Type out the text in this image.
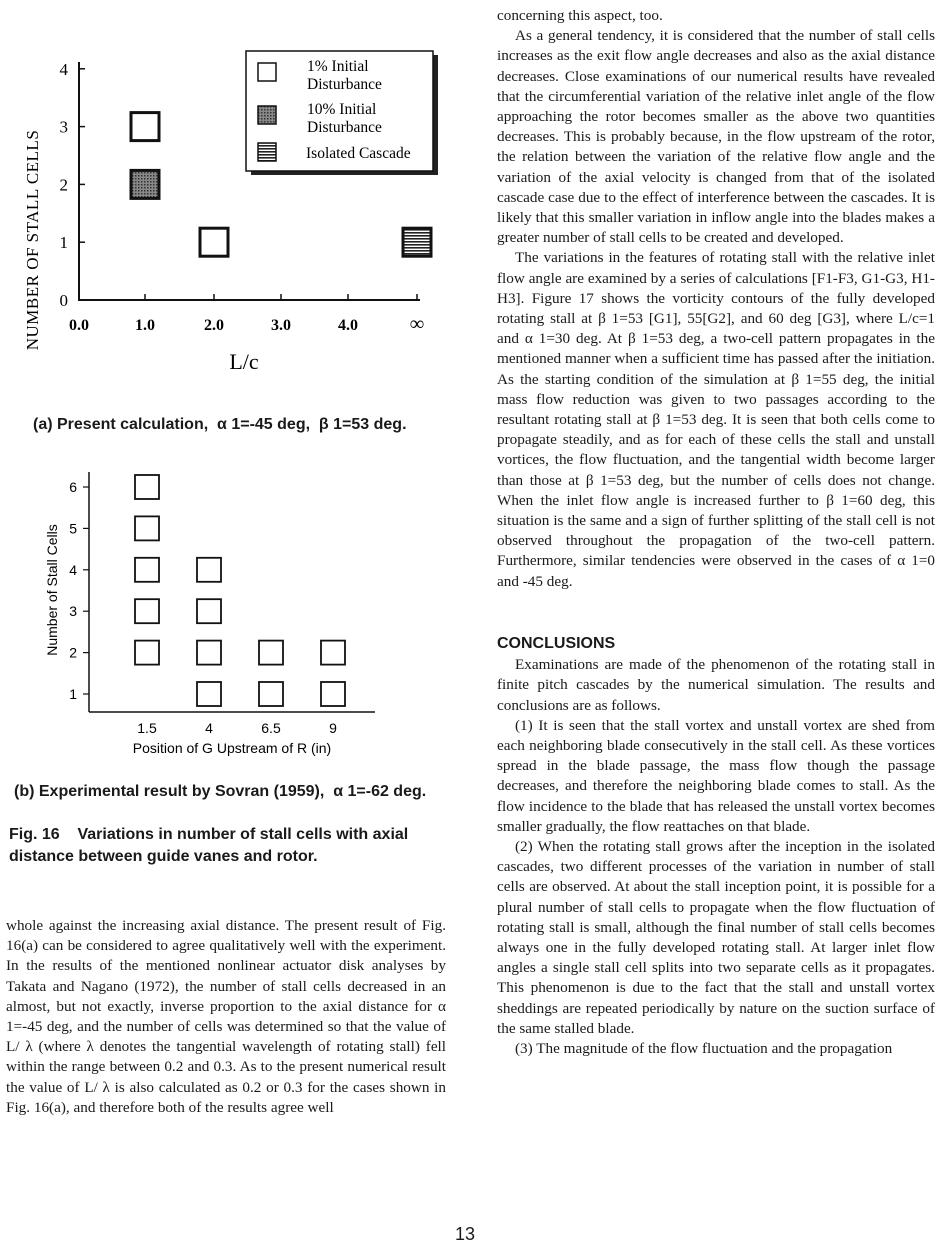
NUMBER OF STALL CELLS 0
1
2
3
4
0.0	1.0	2.0	3.0	4.0	∞
L/c
1% Initial
Disturbance
10% Initial
Disturbance
Isolated Cascade
(a) Present calculation,  α 1=-45 deg,  β 1=53 deg.
Number of Stall Cells
1
2
3
4
5
6
1.5	4	6.5	9
Position of G Upstream of R (in)
(b) Experimental result by Sovran (1959),  α 1=-62 deg.
Fig. 16    Variations in number of stall cells with axial
distance between guide vanes and rotor.

whole against the increasing axial distance. The present result of Fig. 16(a) can be considered to agree qualitatively well with the experiment. In the results of the mentioned nonlinear actuator disk analyses by Takata and Nagano (1972), the number of stall cells decreased in an almost, but not exactly, inverse proportion to the axial distance for α 1=-45 deg, and the number of cells was determined so that the value of L/ λ (where λ denotes the tangential wavelength of rotating stall) fell within the range between 0.2 and 0.3. As to the present numerical result the value of L/ λ is also calculated as 0.2 or 0.3 for the cases shown in Fig. 16(a), and therefore both of the results agree well

concerning this aspect, too.

As a general tendency, it is considered that the number of stall cells increases as the exit flow angle decreases and also as the axial distance decreases. Close examinations of our numerical results have revealed that the circumferential variation of the relative inlet angle of the flow approaching the rotor becomes smaller as the above two quantities decreases. This is probably because, in the flow upstream of the rotor, the relation between the variation of the relative flow angle and the variation of the axial velocity is changed from that of the isolated cascade case due to the effect of interference between the cascades. It is likely that this smaller variation in inflow angle into the blades makes a greater number of stall cells to be created and developed.

The variations in the features of rotating stall with the relative inlet flow angle are examined by a series of calculations [F1-F3, G1-G3, H1-H3]. Figure 17 shows the vorticity contours of the fully developed rotating stall at β 1=53 [G1], 55[G2], and 60 deg [G3], where L/c=1 and α 1=30 deg. At β 1=53 deg, a two-cell pattern propagates in the mentioned manner when a sufficient time has passed after the initiation. As the starting condition of the simulation at β 1=55 deg, the initial mass flow reduction was given to two passages according to the resultant rotating stall at β 1=53 deg. It is seen that both cells come to propagate steadily, and as for each of these cells the stall and unstall vortices, the flow fluctuation, and the tangential width become larger than those at β 1=53 deg, but the number of cells does not change. When the inlet flow angle is increased further to β 1=60 deg, this situation is the same and a sign of further splitting of the stall cell is not observed throughout the propagation of the two-cell pattern. Furthermore, similar tendencies were observed in the cases of α 1=0 and -45 deg.

CONCLUSIONS

Examinations are made of the phenomenon of the rotating stall in finite pitch cascades by the numerical simulation. The results and conclusions are as follows.

(1) It is seen that the stall vortex and unstall vortex are shed from each neighboring blade consecutively in the stall cell. As these vortices spread in the blade passage, the mass flow though the passage decreases, and therefore the neighboring blade comes to stall. As the flow incidence to the blade that has released the unstall vortex becomes smaller gradually, the flow reattaches on that blade.

(2) When the rotating stall grows after the inception in the isolated cascades, two different processes of the variation in number of stall cells are observed. At about the stall inception point, it is possible for a plural number of stall cells to propagate when the flow fluctuation of rotating stall is small, although the final number of stall cells becomes always one in the fully developed rotating stall. At larger inlet flow angles a single stall cell splits into two separate cells as it propagates. This phenomenon is due to the fact that the stall and unstall vortex sheddings are repeated periodically by nature on the suction surface of the same stalled blade.

(3) The magnitude of the flow fluctuation and the propagation

13
